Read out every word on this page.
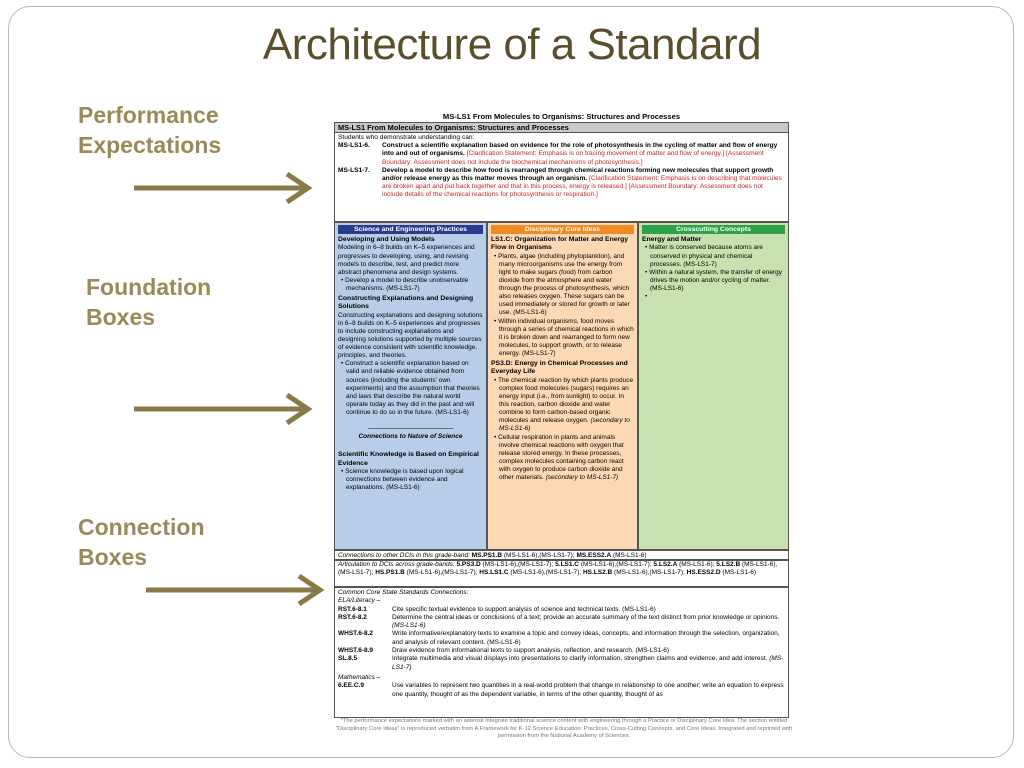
Architecture of a Standard
Performance
Expectations
Foundation
Boxes
Connection
Boxes
MS-LS1 From Molecules to Organisms: Structures and Processes
MS-LS1 From Molecules to Organisms: Structures and Processes
Students who demonstrate understanding can:
MS-LS1-6.	Construct a scientific explanation based on evidence for the role of photosynthesis in the cycling of matter and flow of energy into and out of organisms. [Clarification Statement: Emphasis is on tracing movement of matter and flow of energy.] [Assessment Boundary: Assessment does not include the biochemical mechanisms of photosynthesis.]
MS-LS1-7.	Develop a model to describe how food is rearranged through chemical reactions forming new molecules that support growth and/or release energy as this matter moves through an organism. [Clarification Statement: Emphasis is on describing that molecules are broken apart and put back together and that in this process, energy is released.] [Assessment Boundary: Assessment does not include details of the chemical reactions for photosynthesis or respiration.]
Science and Engineering Practices
Developing and Using Models
Modeling in 6–8 builds on K–5 experiences and progresses to developing, using, and revising models to describe, test, and predict more abstract phenomena and design systems.
• Develop a model to describe unobservable mechanisms. (MS-LS1-7)
Constructing Explanations and Designing Solutions
Constructing explanations and designing solutions in 6–8 builds on K–5 experiences and progresses to include constructing explanations and designing solutions supported by multiple sources of evidence consistent with scientific knowledge, principles, and theories.
• Construct a scientific explanation based on valid and reliable evidence obtained from sources (including the students’ own experiments) and the assumption that theories and laws that describe the natural world operate today as they did in the past and will continue to do so in the future. (MS-LS1-6)
---------------------------------------------------
Connections to Nature of Science
Scientific Knowledge is Based on Empirical Evidence
• Science knowledge is based upon logical connections between evidence and explanations. (MS-LS1-6)
Disciplinary Core Ideas
LS1.C: Organization for Matter and Energy Flow in Organisms
• Plants, algae (including phytoplankton), and many microorganisms use the energy from light to make sugars (food) from carbon dioxide from the atmosphere and water through the process of photosynthesis, which also releases oxygen. These sugars can be used immediately or stored for growth or later use. (MS-LS1-6)
• Within individual organisms, food moves through a series of chemical reactions in which it is broken down and rearranged to form new molecules, to support growth, or to release energy. (MS-LS1-7)
PS3.D: Energy in Chemical Processes and Everyday Life
• The chemical reaction by which plants produce complex food molecules (sugars) requires an energy input (i.e., from sunlight) to occur. In this reaction, carbon dioxide and water combine to form carbon-based organic molecules and release oxygen. (secondary to MS-LS1-6)
• Cellular respiration in plants and animals involve chemical reactions with oxygen that release stored energy. In these processes, complex molecules containing carbon react with oxygen to produce carbon dioxide and other materials. (secondary to MS-LS1-7)
Crosscutting Concepts
Energy and Matter
• Matter is conserved because atoms are conserved in physical and chemical processes. (MS-LS1-7)
• Within a natural system, the transfer of energy drives the motion and/or cycling of matter. (MS-LS1-6)
•
Connections to other DCIs in this grade-band: MS.PS1.B (MS-LS1-6),(MS-LS1-7); MS.ESS2.A (MS-LS1-6)
Articulation to DCIs across grade-bands: 5.PS3.D (MS-LS1-6),(MS-LS1-7); 5.LS1.C (MS-LS1-6),(MS-LS1-7); 5.LS2.A (MS-LS1-6); 5.LS2.B (MS-LS1-6),(MS-LS1-7); HS.PS1.B (MS-LS1-6),(MS-LS1-7); HS.LS1.C (MS-LS1-6),(MS-LS1-7); HS.LS2.B (MS-LS1-6),(MS-LS1-7); HS.ESS2.D (MS-LS1-6)
Common Core State Standards Connections:
ELA/Literacy –
RST.6-8.1	Cite specific textual evidence to support analysis of science and technical texts. (MS-LS1-6)
RST.6-8.2	Determine the central ideas or conclusions of a text; provide an accurate summary of the text distinct from prior knowledge or opinions. (MS-LS1-6)
WHST.6-8.2	Write informative/explanatory texts to examine a topic and convey ideas, concepts, and information through the selection, organization, and analysis of relevant content. (MS-LS1-6)
WHST.6-8.9	Draw evidence from informational texts to support analysis, reflection, and research. (MS-LS1-6)
SL.8.5	Integrate multimedia and visual displays into presentations to clarify information, strengthen claims and evidence, and add interest. (MS-LS1-7)
Mathematics –
6.EE.C.9	Use variables to represent two quantities in a real-world problem that change in relationship to one another; write an equation to express one quantity, thought of as the dependent variable, in terms of the other quantity, thought of as
*The performance expectations marked with an asterisk integrate traditional science content with engineering through a Practice or Disciplinary Core Idea. The section entitled "Disciplinary Core Ideas" is reproduced verbatim from A Framework for K-12 Science Education: Practices, Cross-Cutting Concepts, and Core Ideas. Integrated and reprinted with permission from the National Academy of Sciences.
